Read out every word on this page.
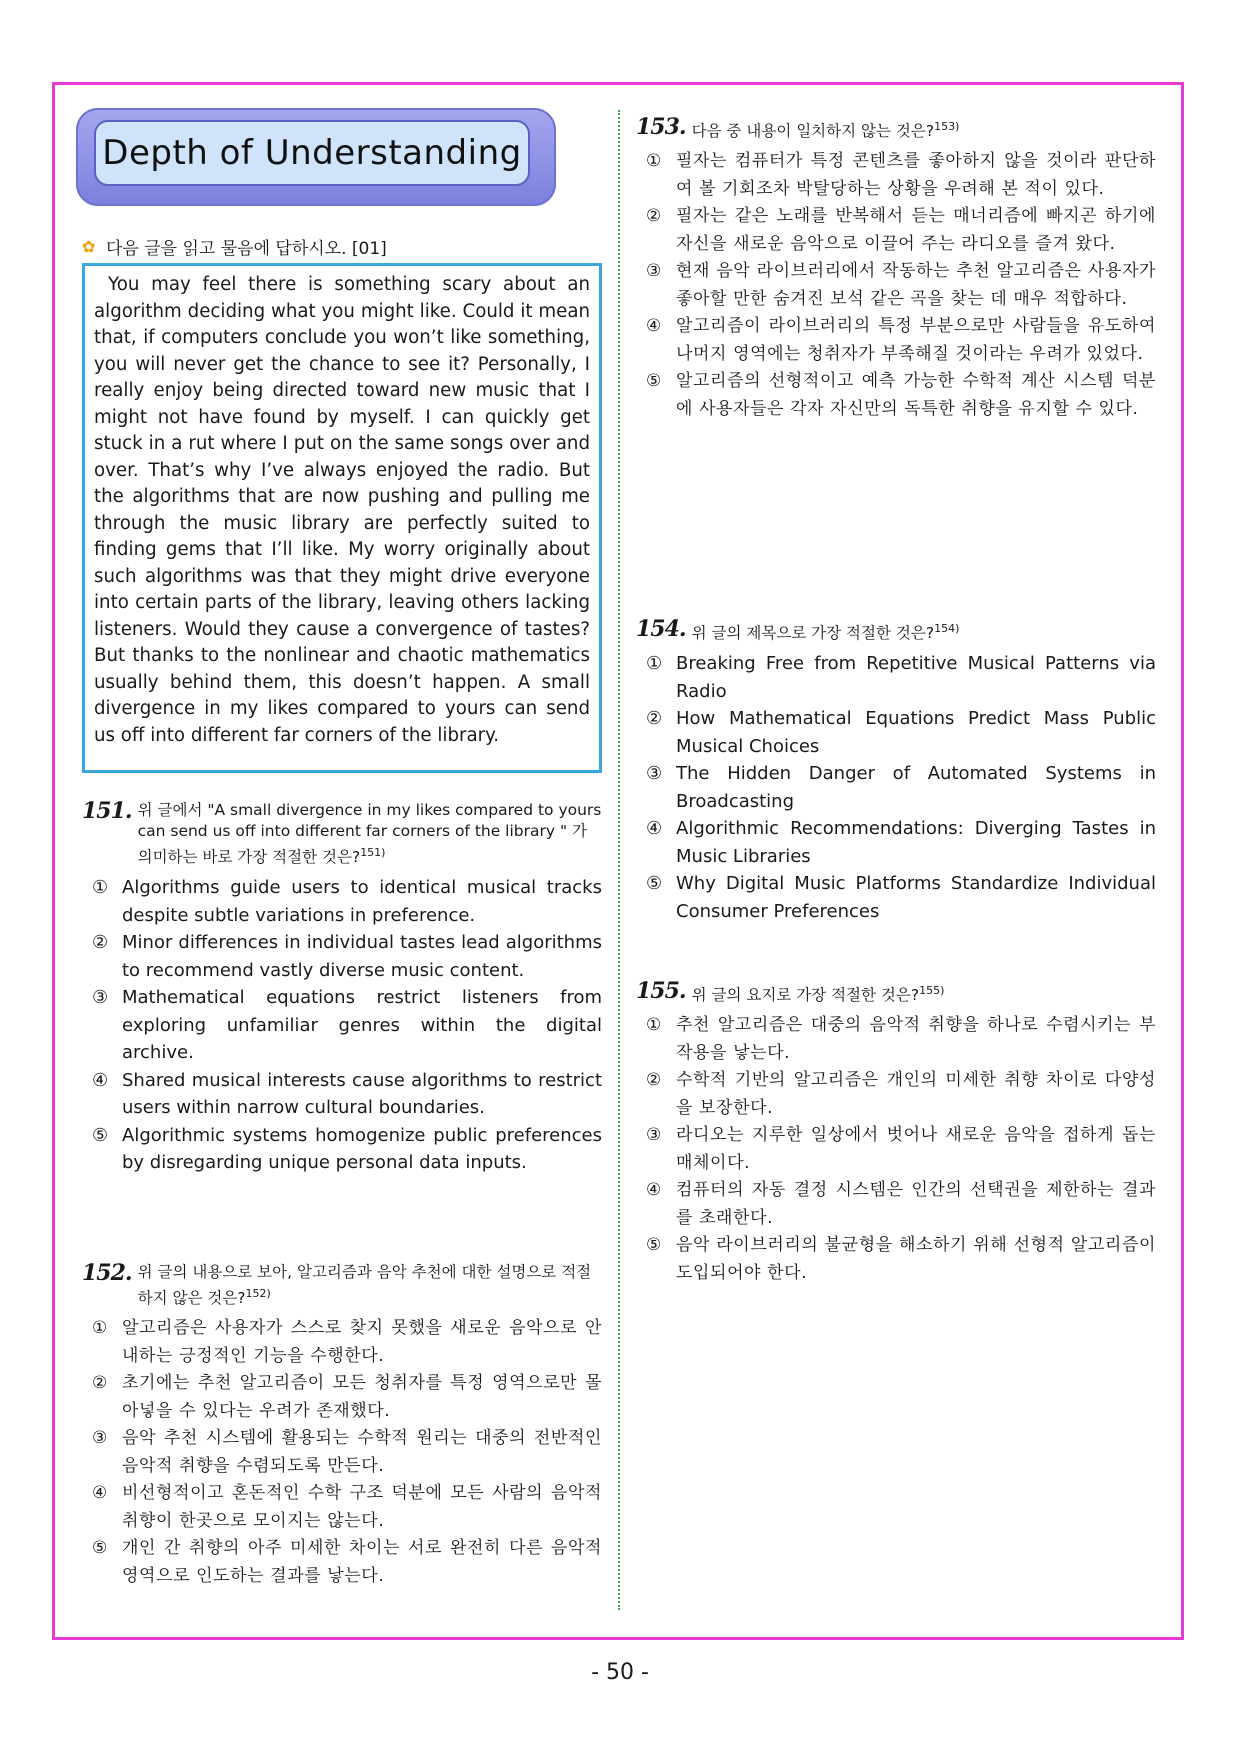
Depth of Understanding
✿ 다음 글을 읽고 물음에 답하시오. [01]
You may feel there is something scary about an algorithm deciding what you might like. Could it mean that, if computers conclude you won’t like something, you will never get the chance to see it? Personally, I really enjoy being directed toward new music that I might not have found by myself. I can quickly get stuck in a rut where I put on the same songs over and over. That’s why I’ve always enjoyed the radio. But the algorithms that are now pushing and pulling me through the music library are perfectly suited to finding gems that I’ll like. My worry originally about such algorithms was that they might drive everyone into certain parts of the library, leaving others lacking listeners. Would they cause a convergence of tastes? But thanks to the nonlinear and chaotic mathematics usually behind them, this doesn’t happen. A small divergence in my likes compared to yours can send us off into different far corners of the library.
151. 위 글에서 "A small divergence in my likes compared to yours can send us off into different far corners of the library " 가 의미하는 바로 가장 적절한 것은?$^{151)}$
① Algorithms guide users to identical musical tracks despite subtle variations in preference.
② Minor differences in individual tastes lead algorithms to recommend vastly diverse music content.
③ Mathematical equations restrict listeners from exploring unfamiliar genres within the digital archive.
④ Shared musical interests cause algorithms to restrict users within narrow cultural boundaries.
⑤ Algorithmic systems homogenize public preferences by disregarding unique personal data inputs.
152. 위 글의 내용으로 보아, 알고리즘과 음악 추천에 대한 설명으로 적절하지 않은 것은?$^{152)}$
① 알고리즘은 사용자가 스스로 찾지 못했을 새로운 음악으로 안내하는 긍정적인 기능을 수행한다.
② 초기에는 추천 알고리즘이 모든 청취자를 특정 영역으로만 몰아넣을 수 있다는 우려가 존재했다.
③ 음악 추천 시스템에 활용되는 수학적 원리는 대중의 전반적인 음악적 취향을 수렴되도록 만든다.
④ 비선형적이고 혼돈적인 수학 구조 덕분에 모든 사람의 음악적 취향이 한곳으로 모이지는 않는다.
⑤ 개인 간 취향의 아주 미세한 차이는 서로 완전히 다른 음악적 영역으로 인도하는 결과를 낳는다.
153. 다음 중 내용이 일치하지 않는 것은?$^{153)}$
① 필자는 컴퓨터가 특정 콘텐츠를 좋아하지 않을 것이라 판단하여 볼 기회조차 박탈당하는 상황을 우려해 본 적이 있다.
② 필자는 같은 노래를 반복해서 듣는 매너리즘에 빠지곤 하기에 자신을 새로운 음악으로 이끌어 주는 라디오를 즐겨 왔다.
③ 현재 음악 라이브러리에서 작동하는 추천 알고리즘은 사용자가 좋아할 만한 숨겨진 보석 같은 곡을 찾는 데 매우 적합하다.
④ 알고리즘이 라이브러리의 특정 부분으로만 사람들을 유도하여 나머지 영역에는 청취자가 부족해질 것이라는 우려가 있었다.
⑤ 알고리즘의 선형적이고 예측 가능한 수학적 계산 시스템 덕분에 사용자들은 각자 자신만의 독특한 취향을 유지할 수 있다.
154. 위 글의 제목으로 가장 적절한 것은?$^{154)}$
① Breaking Free from Repetitive Musical Patterns via Radio
② How Mathematical Equations Predict Mass Public Musical Choices
③ The Hidden Danger of Automated Systems in Broadcasting
④ Algorithmic Recommendations: Diverging Tastes in Music Libraries
⑤ Why Digital Music Platforms Standardize Individual Consumer Preferences
155. 위 글의 요지로 가장 적절한 것은?$^{155)}$
① 추천 알고리즘은 대중의 음악적 취향을 하나로 수렴시키는 부작용을 낳는다.
② 수학적 기반의 알고리즘은 개인의 미세한 취향 차이로 다양성을 보장한다.
③ 라디오는 지루한 일상에서 벗어나 새로운 음악을 접하게 돕는 매체이다.
④ 컴퓨터의 자동 결정 시스템은 인간의 선택권을 제한하는 결과를 초래한다.
⑤ 음악 라이브러리의 불균형을 해소하기 위해 선형적 알고리즘이 도입되어야 한다.
- 50 -
